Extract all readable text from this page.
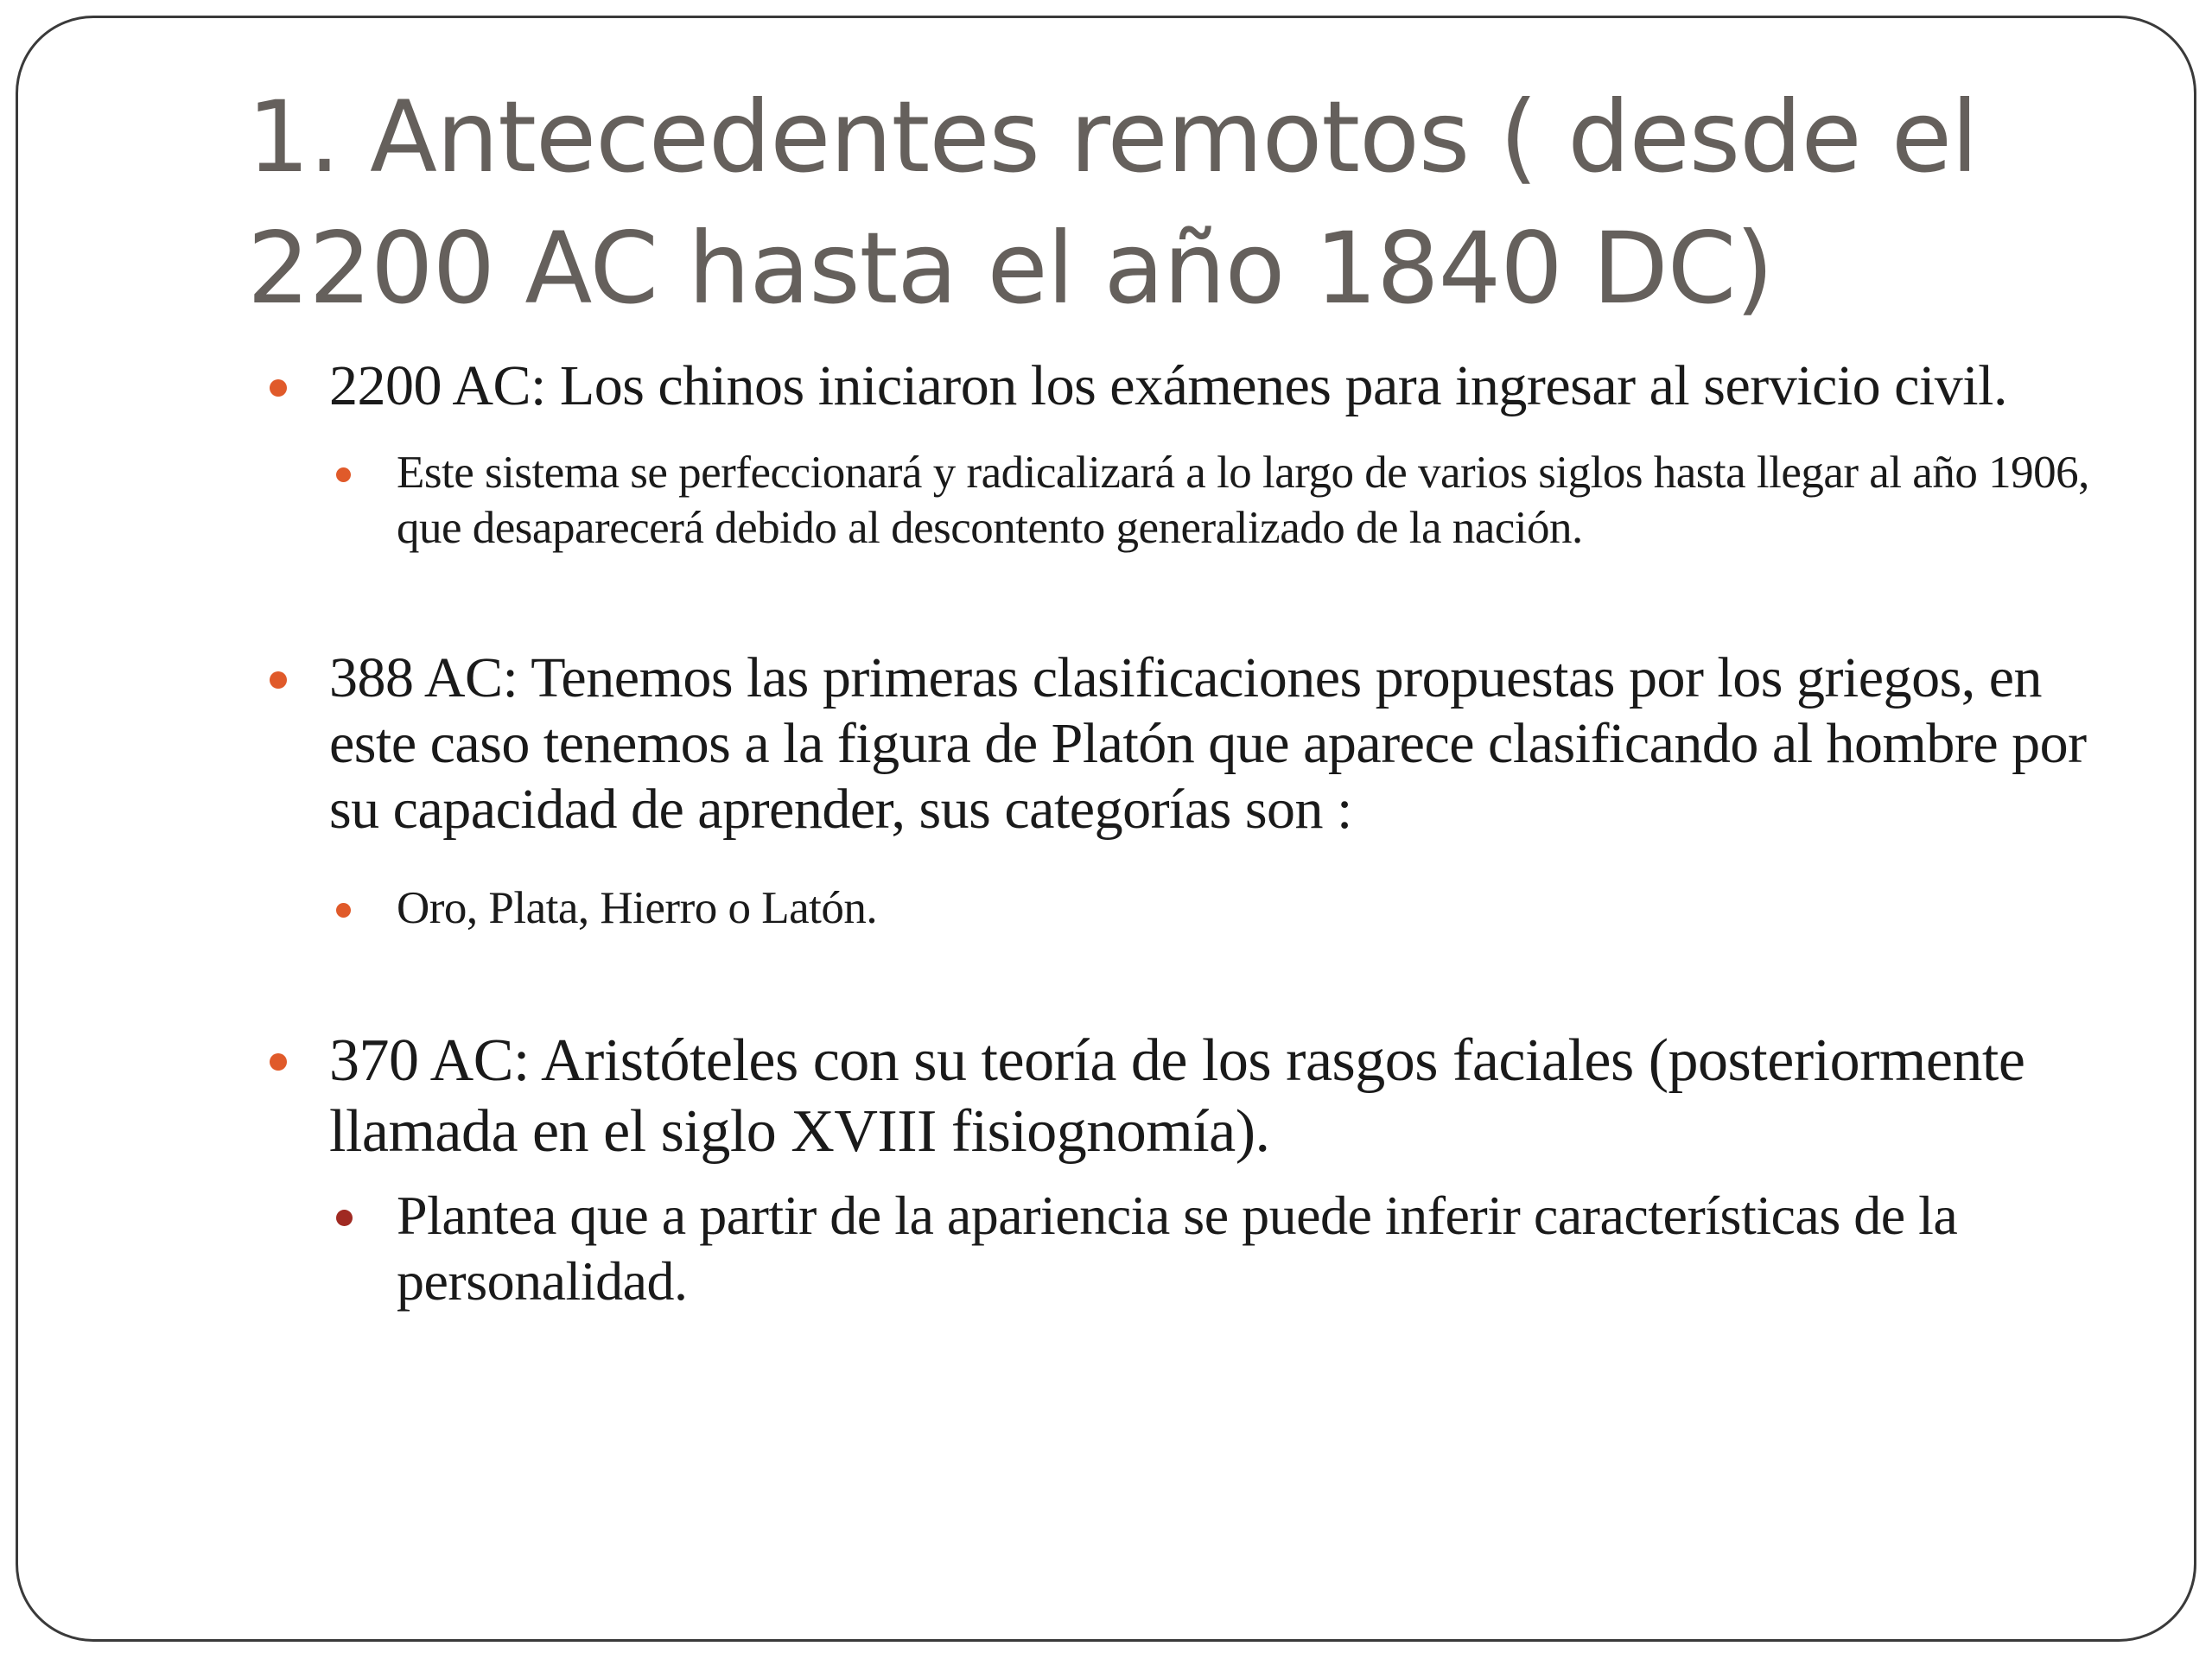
1. Antecedentes remotos ( desde el 2200 AC hasta el año 1840 DC)
2200 AC: Los chinos iniciaron los exámenes para ingresar al servicio civil.
Este sistema se perfeccionará y radicalizará a lo largo de varios siglos hasta llegar al año 1906, que desaparecerá debido al descontento generalizado de la nación.
388 AC: Tenemos las primeras clasificaciones propuestas por los griegos, en este caso tenemos a la figura de Platón que aparece clasificando al hombre por su capacidad de aprender, sus categorías son :
Oro, Plata, Hierro o Latón.
370 AC: Aristóteles con su teoría de los rasgos faciales (posteriormente llamada en el siglo XVIII fisiognomía).
Plantea que a partir de la apariencia se puede inferir características de la personalidad.
